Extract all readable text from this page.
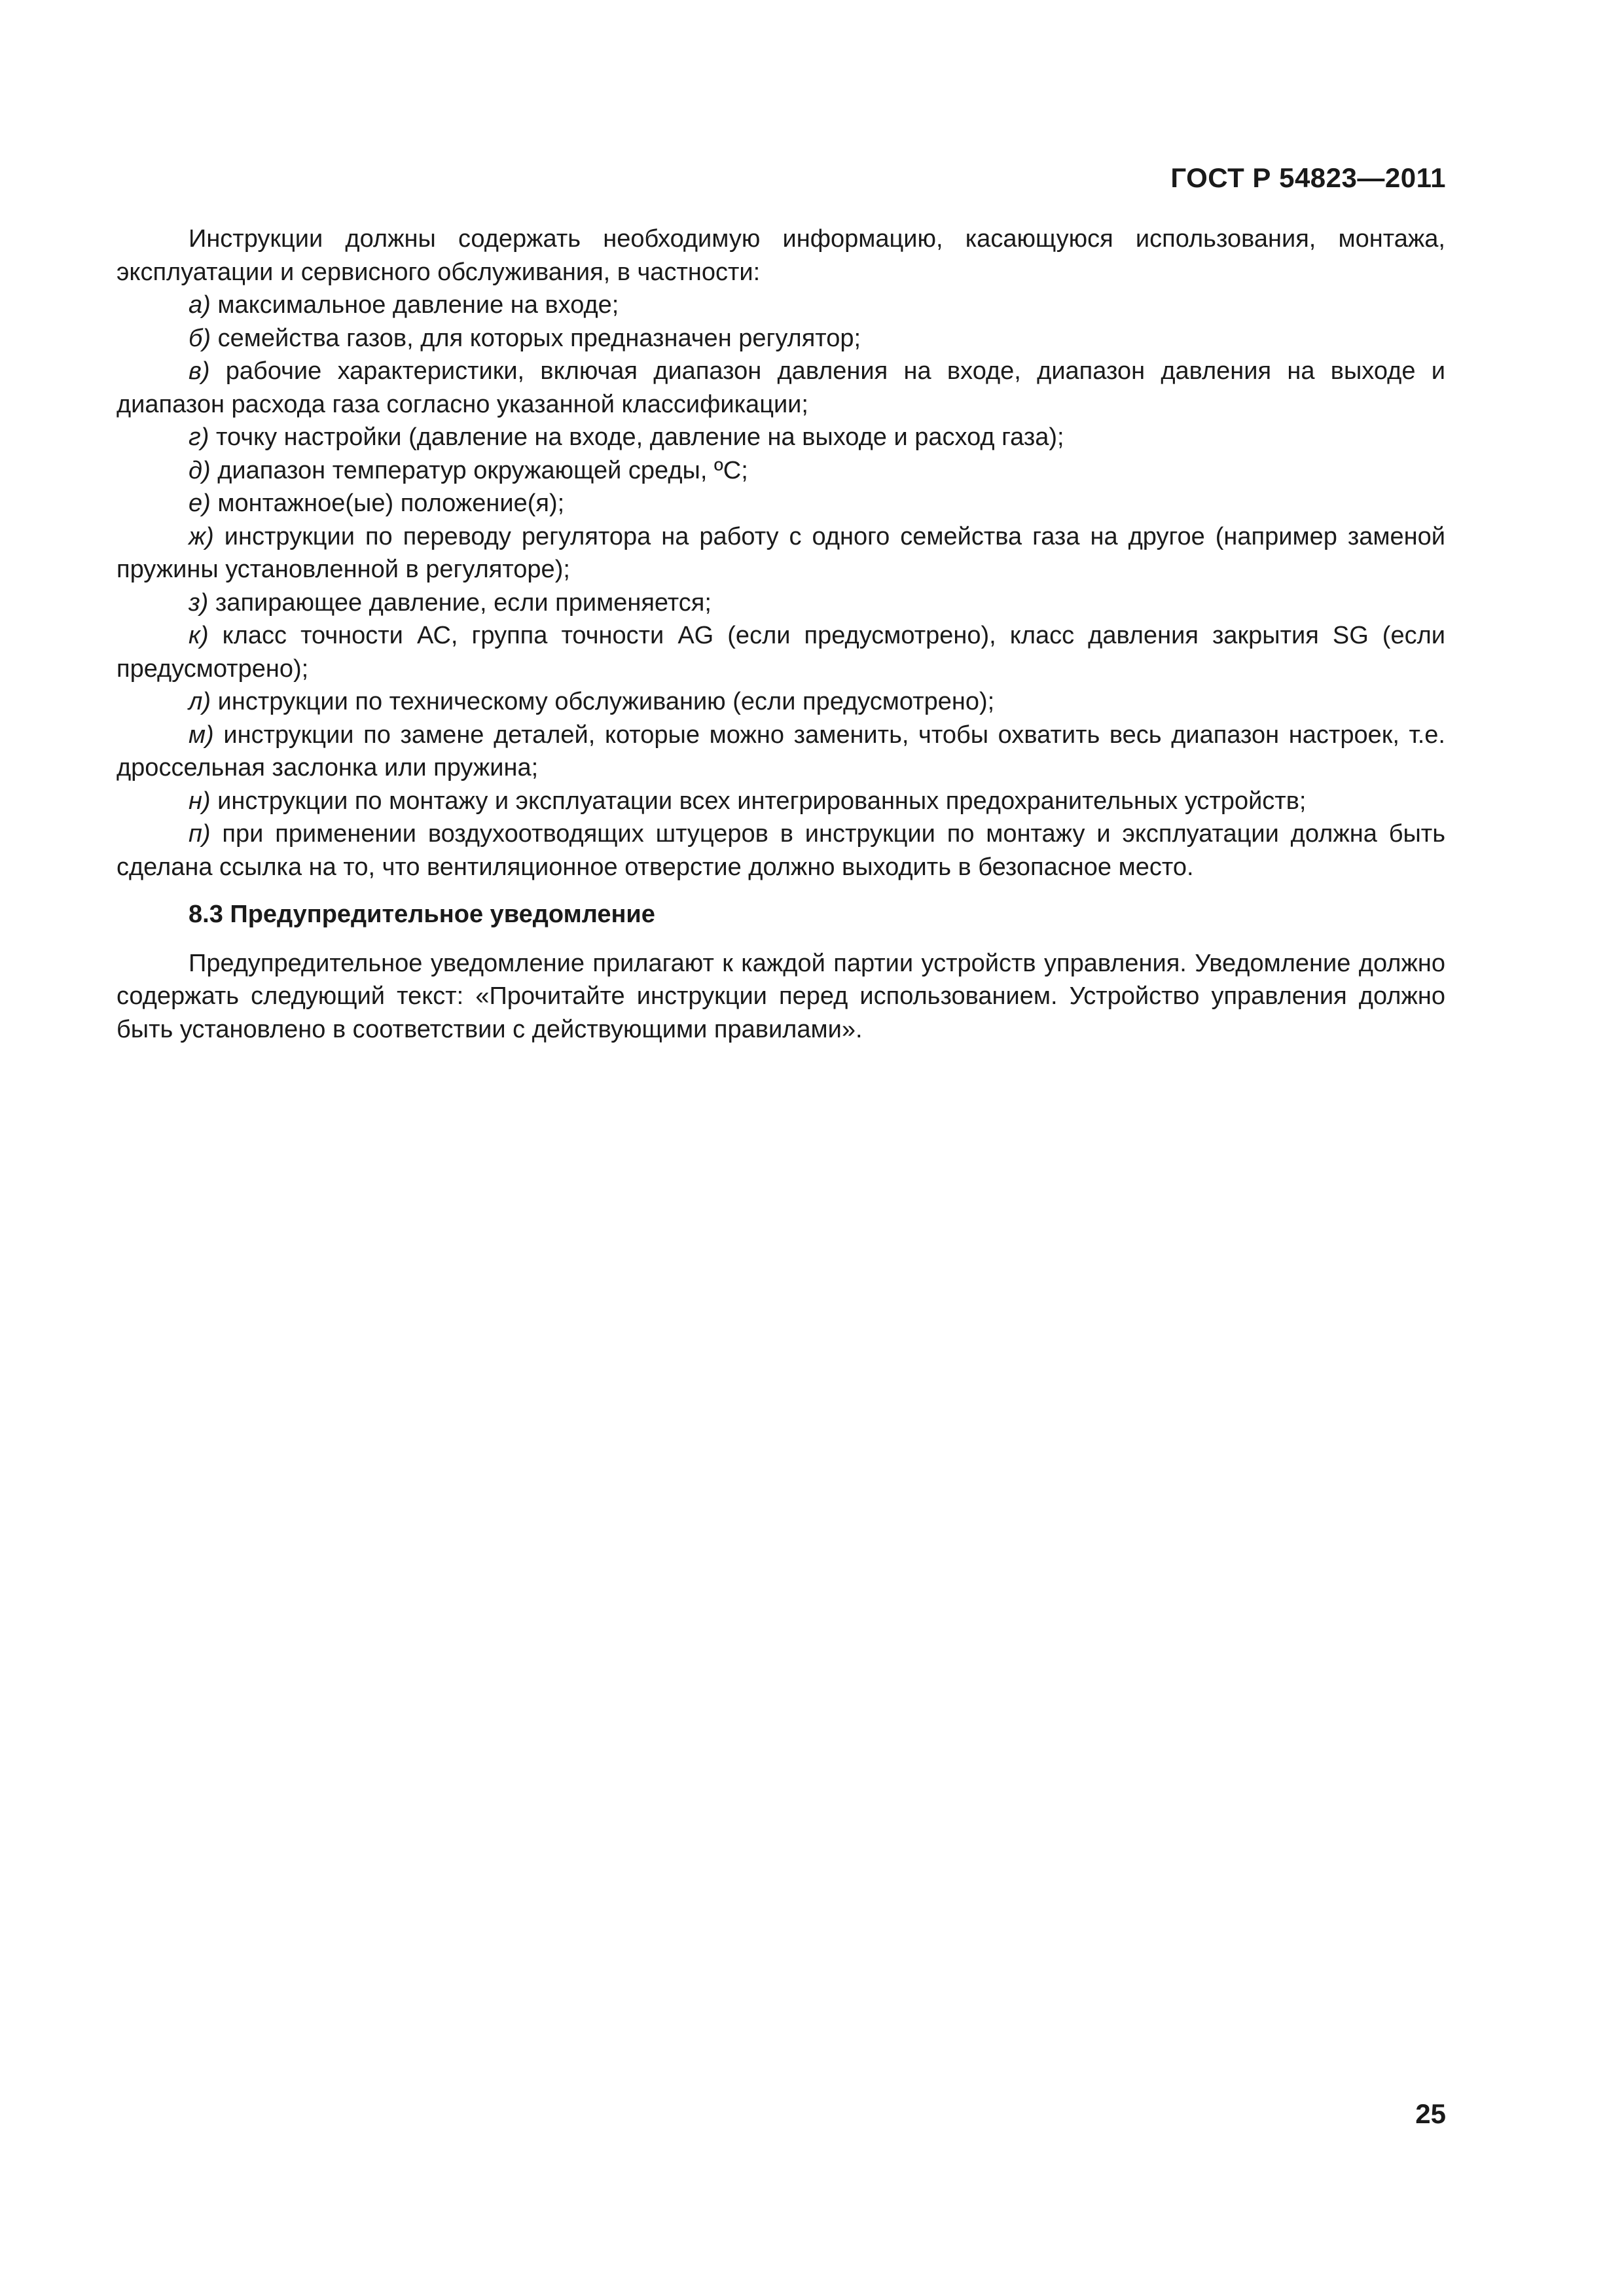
ГОСТ Р 54823—2011

Инструкции должны содержать необходимую информацию, касающуюся использования, монтажа, эксплуатации и сервисного обслуживания, в частности:

а) максимальное давление на входе;

б) семейства газов, для которых предназначен регулятор;

в) рабочие характеристики, включая диапазон давления на входе, диапазон давления на выходе и диапазон расхода газа согласно указанной классификации;

г) точку настройки (давление на входе, давление на выходе и расход газа);

д) диапазон температур окружающей среды, ºС;

е) монтажное(ые) положение(я);

ж) инструкции по переводу регулятора на работу с одного семейства газа на другое (например заменой пружины установленной в регуляторе);

з) запирающее давление, если применяется;

к) класс точности АС, группа точности AG (если предусмотрено), класс давления закрытия SG (если предусмотрено);

л) инструкции по техническому обслуживанию (если предусмотрено);

м) инструкции по замене деталей, которые можно заменить, чтобы охватить весь диапазон настроек, т.е. дроссельная заслонка или пружина;

н) инструкции по монтажу и эксплуатации всех интегрированных предохранительных устройств;

п) при применении воздухоотводящих штуцеров в инструкции по монтажу и эксплуатации должна быть сделана ссылка на то, что вентиляционное отверстие должно выходить в безопасное место.

8.3 Предупредительное уведомление

Предупредительное уведомление прилагают к каждой партии устройств управления. Уведомление должно содержать следующий текст: «Прочитайте инструкции перед использованием. Устройство управления должно быть установлено в соответствии с действующими правилами».

25
